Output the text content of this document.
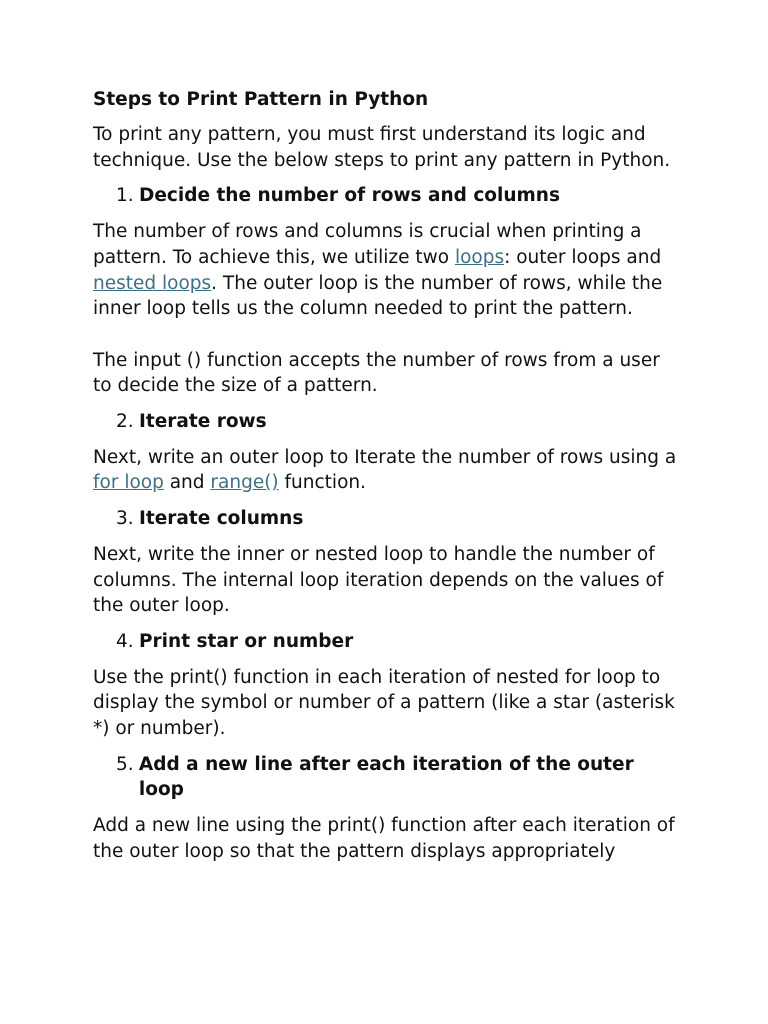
Steps to Print Pattern in Python

To print any pattern, you must first understand its logic and technique. Use the below steps to print any pattern in Python.

1. Decide the number of rows and columns

The number of rows and columns is crucial when printing a pattern. To achieve this, we utilize two loops: outer loops and nested loops. The outer loop is the number of rows, while the inner loop tells us the column needed to print the pattern.

The input () function accepts the number of rows from a user to decide the size of a pattern.

2. Iterate rows

Next, write an outer loop to Iterate the number of rows using a for loop and range() function.

3. Iterate columns

Next, write the inner or nested loop to handle the number of columns. The internal loop iteration depends on the values of the outer loop.

4. Print star or number

Use the print() function in each iteration of nested for loop to display the symbol or number of a pattern (like a star (asterisk *) or number).

5. Add a new line after each iteration of the outer loop

Add a new line using the print() function after each iteration of the outer loop so that the pattern displays appropriately
